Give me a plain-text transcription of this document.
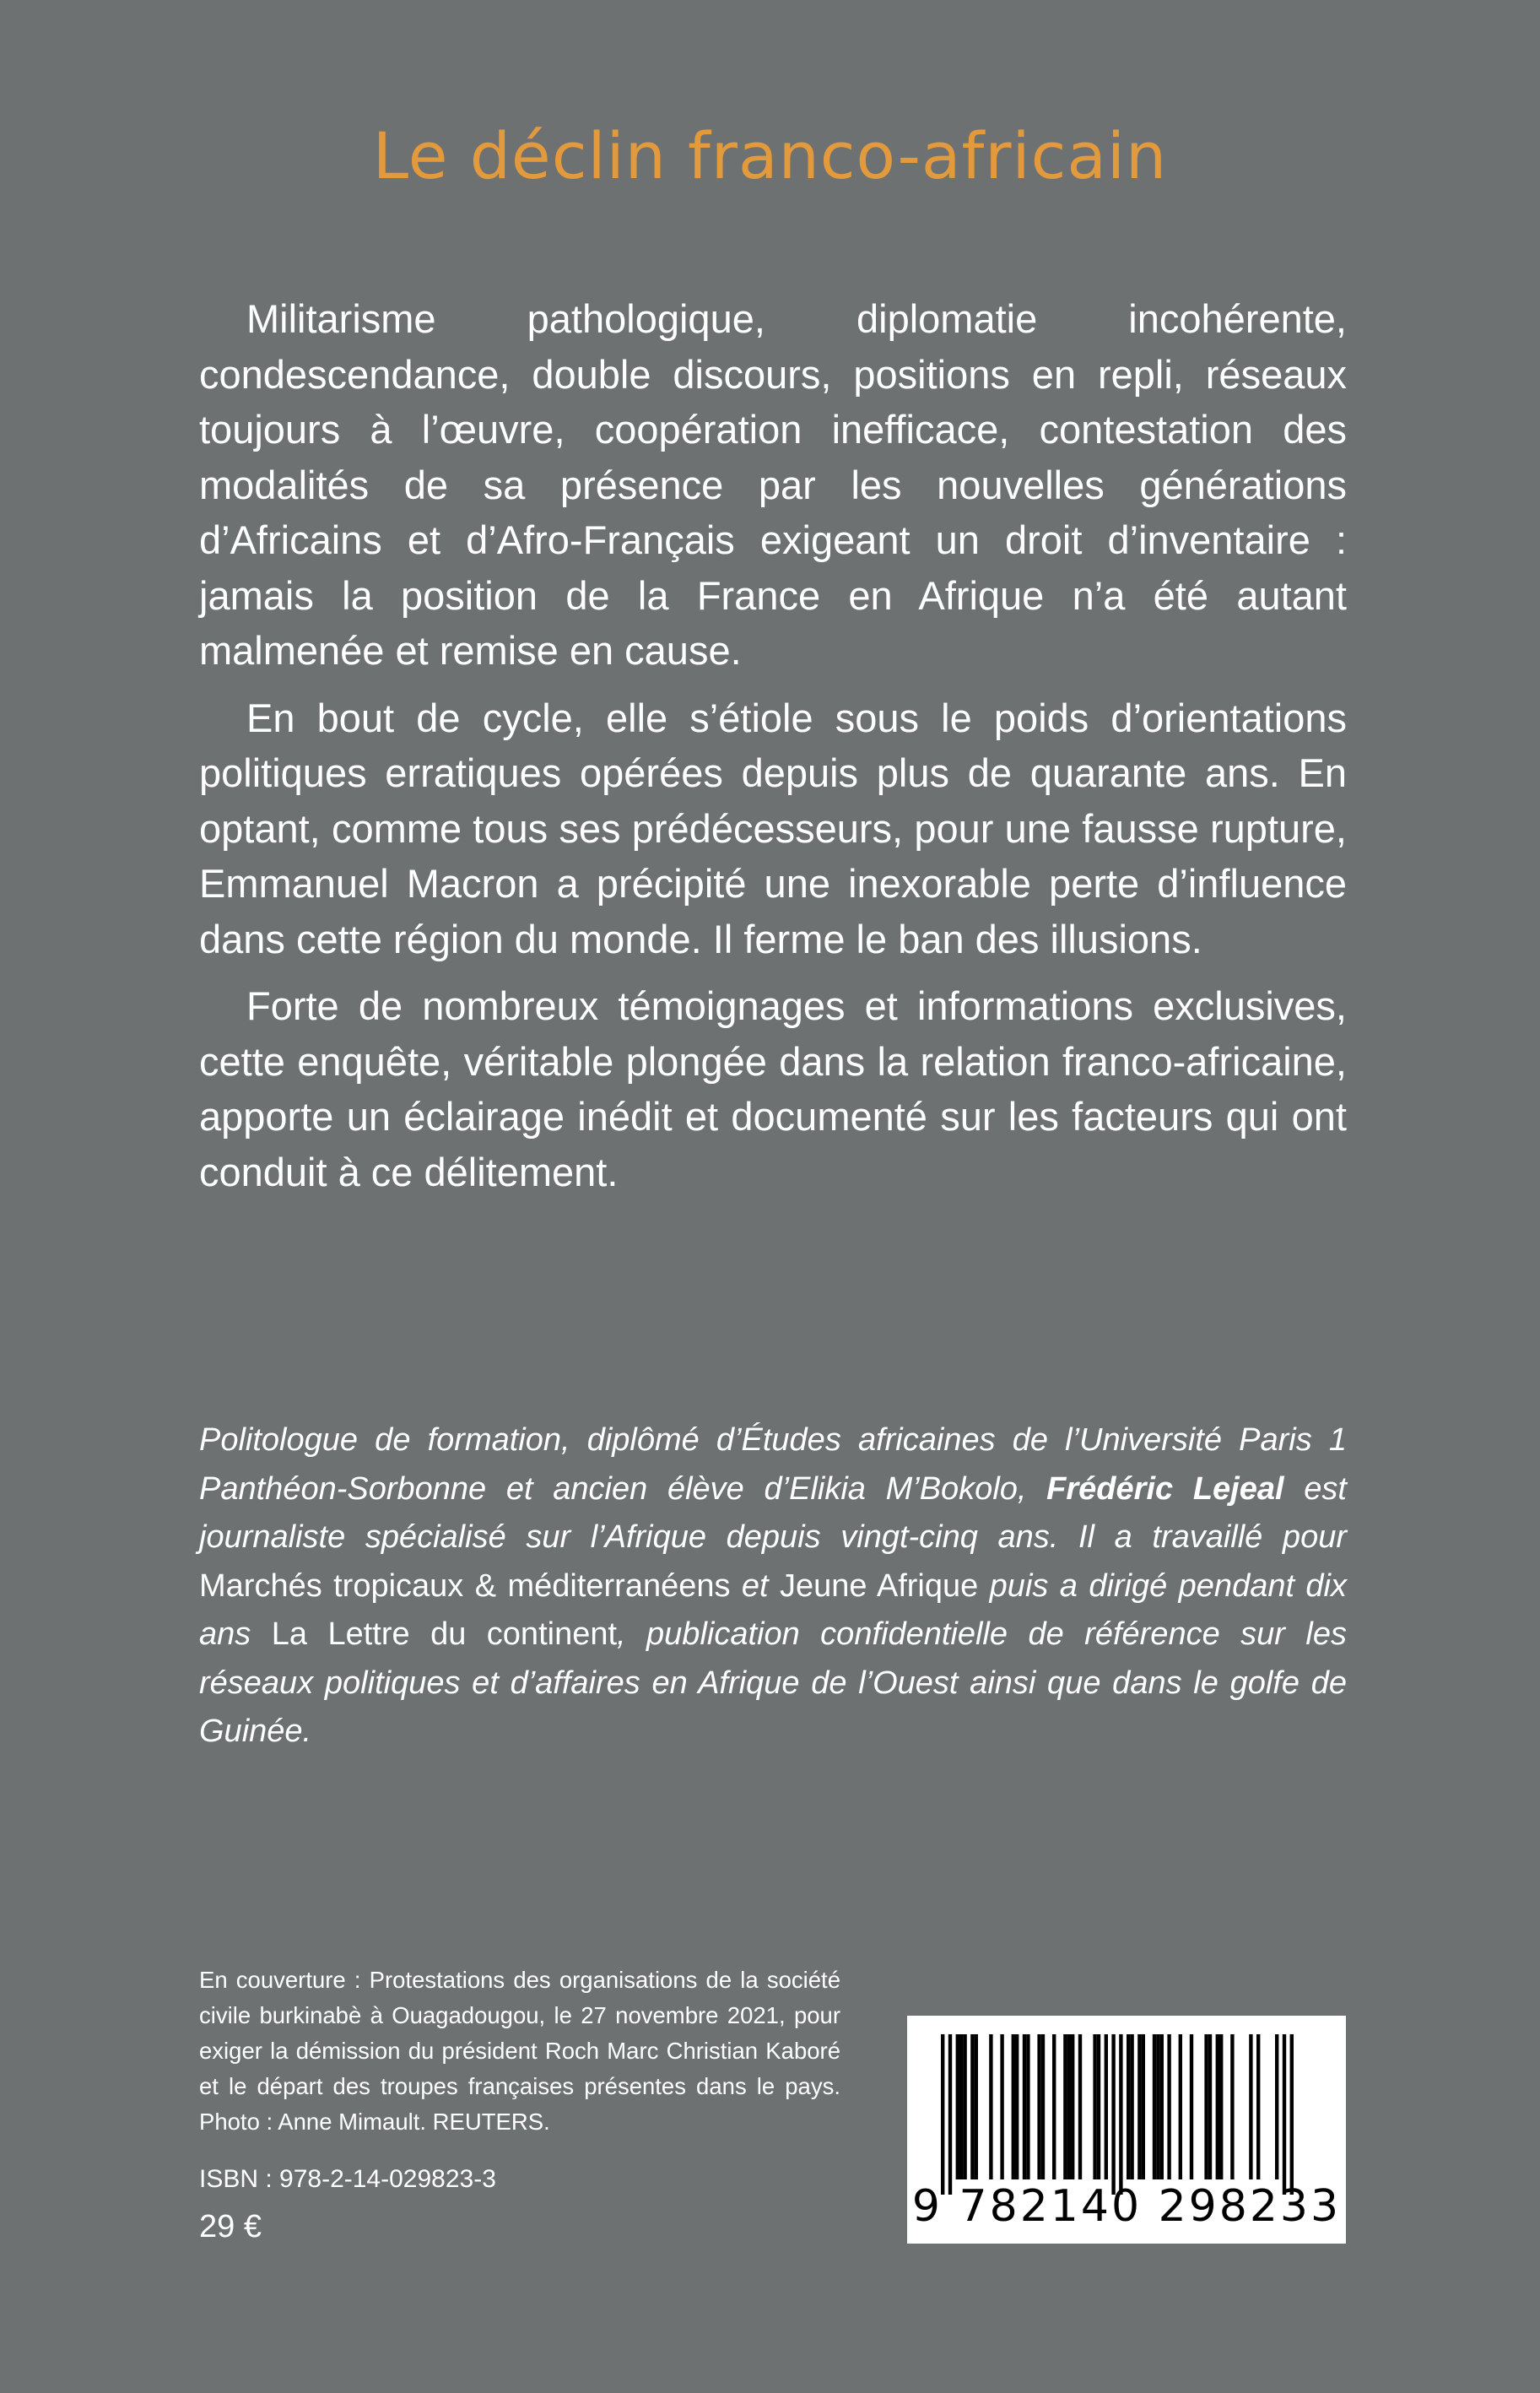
Le déclin franco-africain

Militarisme pathologique, diplomatie incohérente, condescendance, double discours, positions en repli, réseaux toujours à l’œuvre, coopération inefficace, contestation des modalités de sa présence par les nouvelles générations d’Africains et d’Afro-Français exigeant un droit d’inventaire : jamais la position de la France en Afrique n’a été autant malmenée et remise en cause.

En bout de cycle, elle s’étiole sous le poids d’orientations politiques erratiques opérées depuis plus de quarante ans. En optant, comme tous ses prédécesseurs, pour une fausse rupture, Emmanuel Macron a précipité une inexorable perte d’influence dans cette région du monde. Il ferme le ban des illusions.

Forte de nombreux témoignages et informations exclusives, cette enquête, véritable plongée dans la relation franco-africaine, apporte un éclairage inédit et documenté sur les facteurs qui ont conduit à ce délitement.

Politologue de formation, diplômé d’Études africaines de l’Université Paris 1 Panthéon-Sorbonne et ancien élève d’Elikia M’Bokolo, Frédéric Lejeal est journaliste spécialisé sur l’Afrique depuis vingt-cinq ans. Il a travaillé pour Marchés tropicaux & méditerranéens et Jeune Afrique puis a dirigé pendant dix ans La Lettre du continent, publication confidentielle de référence sur les réseaux politiques et d’affaires en Afrique de l’Ouest ainsi que dans le golfe de Guinée.

En couverture : Protestations des organisations de la société civile burkinabè à Ouagadougou, le 27 novembre 2021, pour exiger la démission du président Roch Marc Christian Kaboré et le départ des troupes françaises présentes dans le pays. Photo : Anne Mimault. REUTERS.

ISBN : 978-2-14-029823-3

29 €	9 782140 298233
